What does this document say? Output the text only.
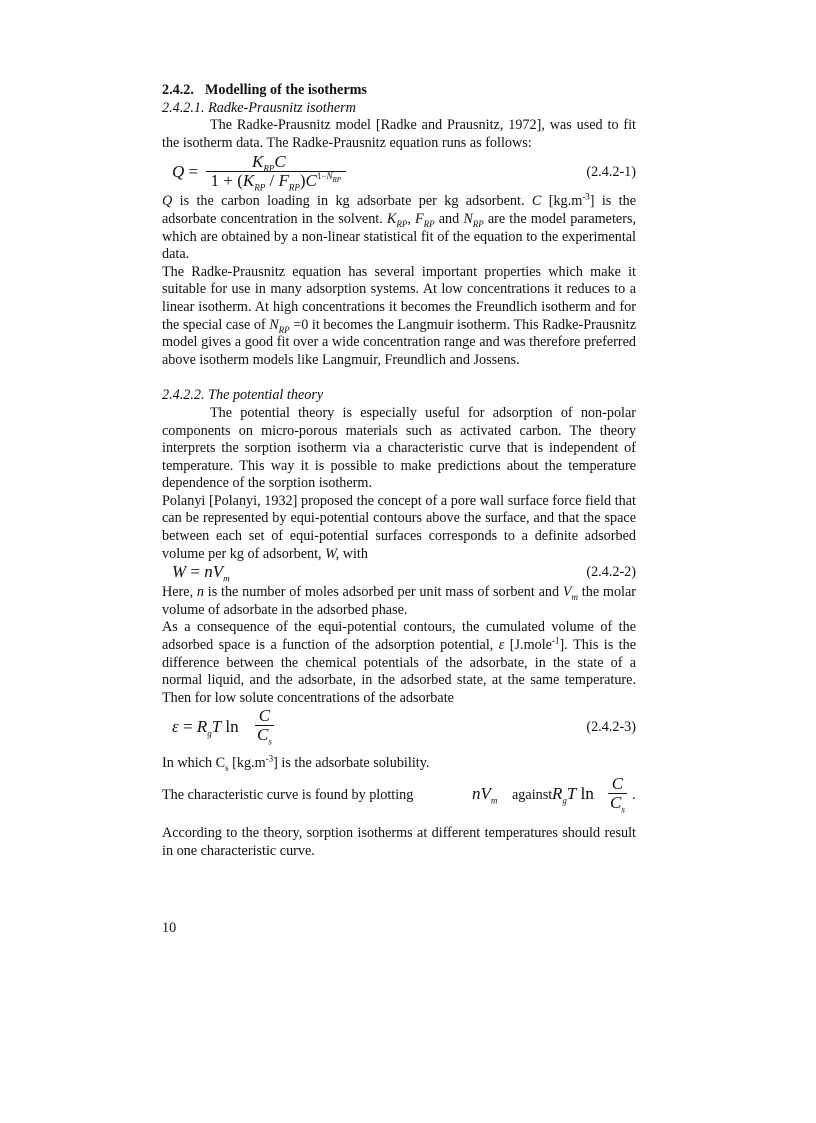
2.4.2. Modelling of the isotherms

2.4.2.1. Radke-Prausnitz isotherm

The Radke-Prausnitz model [Radke and Prausnitz, 1972], was used to fit the isotherm data. The Radke-Prausnitz equation runs as follows:

Q =
$K_{RP}C$
$1 + (K_{RP} / F_{RP})C^{1-N_{RP}}$	(2.4.2-1)

Q is the carbon loading in kg adsorbate per kg adsorbent. C $[kg.m^{-3}]$ is the adsorbate concentration in the solvent. $K_{RP}$, $F_{RP}$ and $N_{RP}$ are the model parameters, which are obtained by a non-linear statistical fit of the equation to the experimental data.

The Radke-Prausnitz equation has several important properties which make it suitable for use in many adsorption systems. At low concentrations it reduces to a linear isotherm. At high concentrations it becomes the Freundlich isotherm and for the special case of $N_{RP} =0$ it becomes the Langmuir isotherm. This Radke-Prausnitz model gives a good fit over a wide concentration range and was therefore preferred above isotherm models like Langmuir, Freundlich and Jossens.

2.4.2.2. The potential theory

The potential theory is especially useful for adsorption of non-polar components on micro-porous materials such as activated carbon. The theory interprets the sorption isotherm via a characteristic curve that is independent of temperature. This way it is possible to make predictions about the temperature dependence of the sorption isotherm.

Polanyi [Polanyi, 1932] proposed the concept of a pore wall surface force field that can be represented by equi-potential contours above the surface, and that the space between each set of equi-potential surfaces corresponds to a definite adsorbed volume per kg of adsorbent, W, with

$W = nV_m$	(2.4.2-2)

Here, n is the number of moles adsorbed per unit mass of sorbent and $V_m$ the molar volume of adsorbate in the adsorbed phase.

As a consequence of the equi-potential contours, the cumulated volume of the adsorbed space is a function of the adsorption potential, ε [J.mole$^{-1}$]. This is the difference between the chemical potentials of the adsorbate, in the state of a normal liquid, and the adsorbate, in the adsorbed state, at the same temperature. Then for low solute concentrations of the adsorbate

$\varepsilon = R_gT$ $\ln \frac{C}{C_s}$	(2.4.2-3)

In which $C_s$ $[kg.m^{-3}]$ is the adsorbate solubility.

The characteristic curve is found by plotting	$nV_m$ against $R_gT$ $\ln \frac{C}{C_s}$ .

According to the theory, sorption isotherms at different temperatures should result in one characteristic curve.

10
